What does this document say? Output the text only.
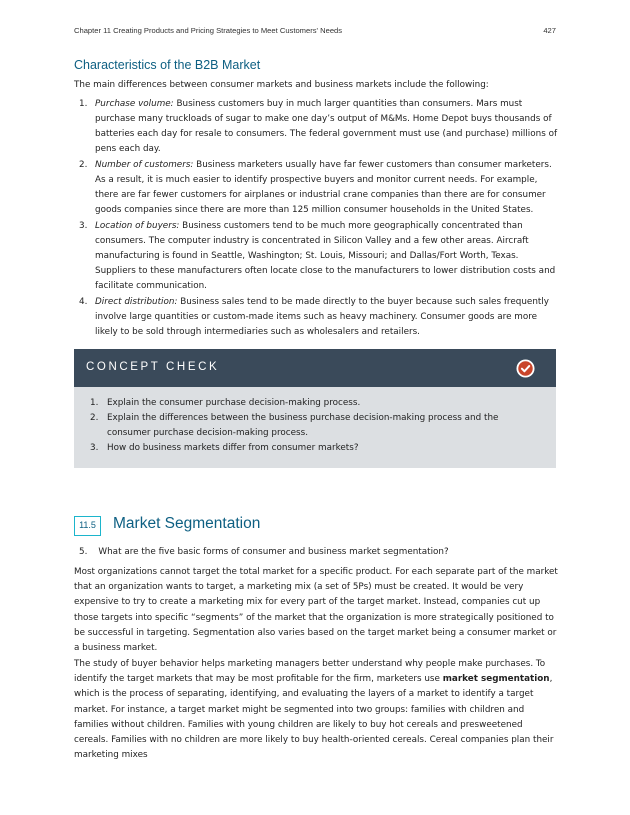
Chapter 11 Creating Products and Pricing Strategies to Meet Customers' Needs	427
Characteristics of the B2B Market
The main differences between consumer markets and business markets include the following:
1. Purchase volume: Business customers buy in much larger quantities than consumers. Mars must purchase many truckloads of sugar to make one day’s output of M&Ms. Home Depot buys thousands of batteries each day for resale to consumers. The federal government must use (and purchase) millions of pens each day.
2. Number of customers: Business marketers usually have far fewer customers than consumer marketers. As a result, it is much easier to identify prospective buyers and monitor current needs. For example, there are far fewer customers for airplanes or industrial crane companies than there are for consumer goods companies since there are more than 125 million consumer households in the United States.
3. Location of buyers: Business customers tend to be much more geographically concentrated than consumers. The computer industry is concentrated in Silicon Valley and a few other areas. Aircraft manufacturing is found in Seattle, Washington; St. Louis, Missouri; and Dallas/Fort Worth, Texas. Suppliers to these manufacturers often locate close to the manufacturers to lower distribution costs and facilitate communication.
4. Direct distribution: Business sales tend to be made directly to the buyer because such sales frequently involve large quantities or custom-made items such as heavy machinery. Consumer goods are more likely to be sold through intermediaries such as wholesalers and retailers.
CONCEPT CHECK
1. Explain the consumer purchase decision-making process.
2. Explain the differences between the business purchase decision-making process and the consumer purchase decision-making process.
3. How do business markets differ from consumer markets?
11.5	Market Segmentation
5. What are the five basic forms of consumer and business market segmentation?

Most organizations cannot target the total market for a specific product. For each separate part of the market that an organization wants to target, a marketing mix (a set of 5Ps) must be created. It would be very expensive to try to create a marketing mix for every part of the target market. Instead, companies cut up those targets into specific “segments” of the market that the organization is more strategically positioned to be successful in targeting. Segmentation also varies based on the target market being a consumer market or a business market.

The study of buyer behavior helps marketing managers better understand why people make purchases. To identify the target markets that may be most profitable for the firm, marketers use market segmentation, which is the process of separating, identifying, and evaluating the layers of a market to identify a target market. For instance, a target market might be segmented into two groups: families with children and families without children. Families with young children are likely to buy hot cereals and presweetened cereals. Families with no children are more likely to buy health-oriented cereals. Cereal companies plan their marketing mixes
